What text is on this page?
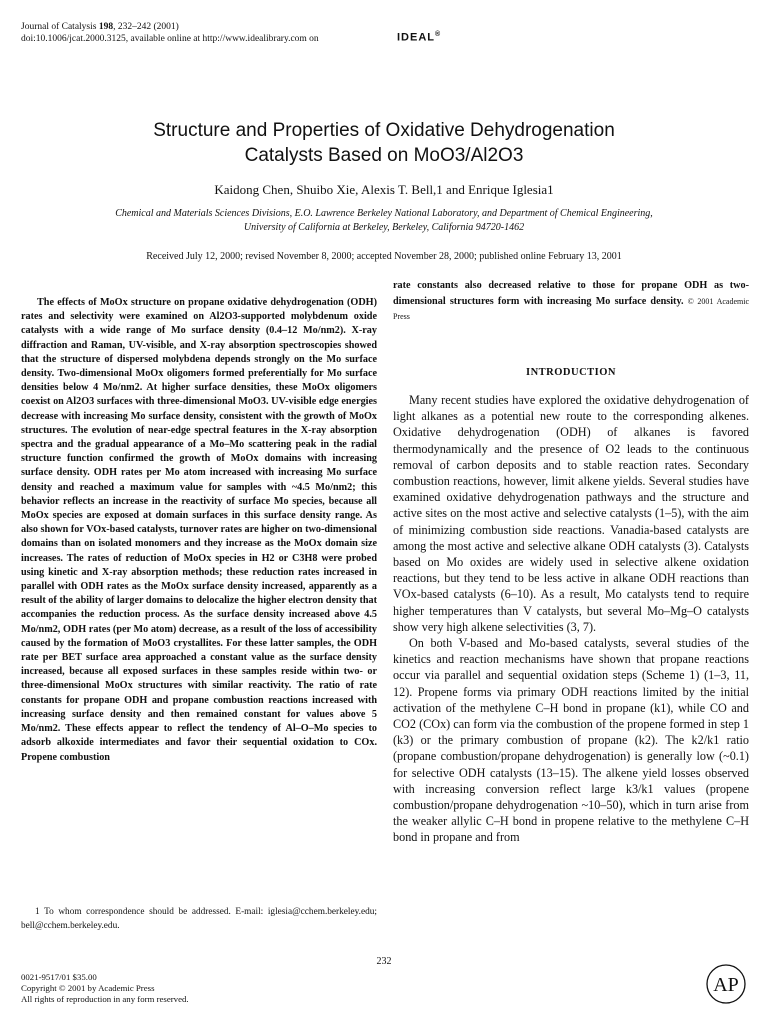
Journal of Catalysis 198, 232–242 (2001)
doi:10.1006/jcat.2000.3125, available online at http://www.idealibrary.com on	IDEAL®
Structure and Properties of Oxidative Dehydrogenation
Catalysts Based on MoO3/Al2O3
Kaidong Chen, Shuibo Xie, Alexis T. Bell,1 and Enrique Iglesia1
Chemical and Materials Sciences Divisions, E.O. Lawrence Berkeley National Laboratory, and Department of Chemical Engineering,
University of California at Berkeley, Berkeley, California 94720-1462
Received July 12, 2000; revised November 8, 2000; accepted November 28, 2000; published online February 13, 2001
The effects of MoOx structure on propane oxidative dehydrogenation (ODH) rates and selectivity were examined on Al2O3-supported molybdenum oxide catalysts with a wide range of Mo surface density (0.4–12 Mo/nm2). X-ray diffraction and Raman, UV-visible, and X-ray absorption spectroscopies showed that the structure of dispersed molybdena depends strongly on the Mo surface density. Two-dimensional MoOx oligomers formed preferentially for Mo surface densities below 4 Mo/nm2. At higher surface densities, these MoOx oligomers coexist on Al2O3 surfaces with three-dimensional MoO3. UV-visible edge energies decrease with increasing Mo surface density, consistent with the growth of MoOx structures. The evolution of near-edge spectral features in the X-ray absorption spectra and the gradual appearance of a Mo–Mo scattering peak in the radial structure function confirmed the growth of MoOx domains with increasing surface density. ODH rates per Mo atom increased with increasing Mo surface density and reached a maximum value for samples with ~4.5 Mo/nm2; this behavior reflects an increase in the reactivity of surface Mo species, because all MoOx species are exposed at domain surfaces in this surface density range. As also shown for VOx-based catalysts, turnover rates are higher on two-dimensional domains than on isolated monomers and they increase as the MoOx domain size increases. The rates of reduction of MoOx species in H2 or C3H8 were probed using kinetic and X-ray absorption methods; these reduction rates increased in parallel with ODH rates as the MoOx surface density increased, apparently as a result of the ability of larger domains to delocalize the higher electron density that accompanies the reduction process. As the surface density increased above 4.5 Mo/nm2, ODH rates (per Mo atom) decrease, as a result of the loss of accessibility caused by the formation of MoO3 crystallites. For these latter samples, the ODH rate per BET surface area approached a constant value as the surface density increased, because all exposed surfaces in these samples reside within two- or three-dimensional MoOx structures with similar reactivity. The ratio of rate constants for propane ODH and propane combustion reactions increased with increasing surface density and then remained constant for values above 5 Mo/nm2. These effects appear to reflect the tendency of Al–O–Mo species to adsorb alkoxide intermediates and favor their sequential oxidation to COx. Propene combustion
rate constants also decreased relative to those for propane ODH as two-dimensional structures form with increasing Mo surface density. © 2001 Academic Press
INTRODUCTION
Many recent studies have explored the oxidative dehydrogenation of light alkanes as a potential new route to the corresponding alkenes. Oxidative dehydrogenation (ODH) of alkanes is favored thermodynamically and the presence of O2 leads to the continuous removal of carbon deposits and to stable reaction rates. Secondary combustion reactions, however, limit alkene yields. Several studies have examined oxidative dehydrogenation pathways and the structure and active sites on the most active and selective catalysts (1–5), with the aim of minimizing combustion side reactions. Vanadia-based catalysts are among the most active and selective alkane ODH catalysts (3). Catalysts based on Mo oxides are widely used in selective alkene oxidation reactions, but they tend to be less active in alkane ODH reactions than VOx-based catalysts (6–10). As a result, Mo catalysts tend to require higher temperatures than V catalysts, but several Mo–Mg–O catalysts show very high alkene selectivities (3, 7).
On both V-based and Mo-based catalysts, several studies of the kinetics and reaction mechanisms have shown that propane reactions occur via parallel and sequential oxidation steps (Scheme 1) (1–3, 11, 12). Propene forms via primary ODH reactions limited by the initial activation of the methylene C–H bond in propane (k1), while CO and CO2 (COx) can form via the combustion of the propene formed in step 1 (k3) or the primary combustion of propane (k2). The k2/k1 ratio (propane combustion/propane dehydrogenation) is generally low (~0.1) for selective ODH catalysts (13–15). The alkene yield losses observed with increasing conversion reflect large k3/k1 values (propene combustion/propane dehydrogenation ~10–50), which in turn arise from the weaker allylic C–H bond in propene relative to the methylene C–H bond in propane and from
1 To whom correspondence should be addressed. E-mail: iglesia@cchem.berkeley.edu; bell@cchem.berkeley.edu.
232
0021-9517/01 $35.00
Copyright © 2001 by Academic Press
All rights of reproduction in any form reserved.
AP
